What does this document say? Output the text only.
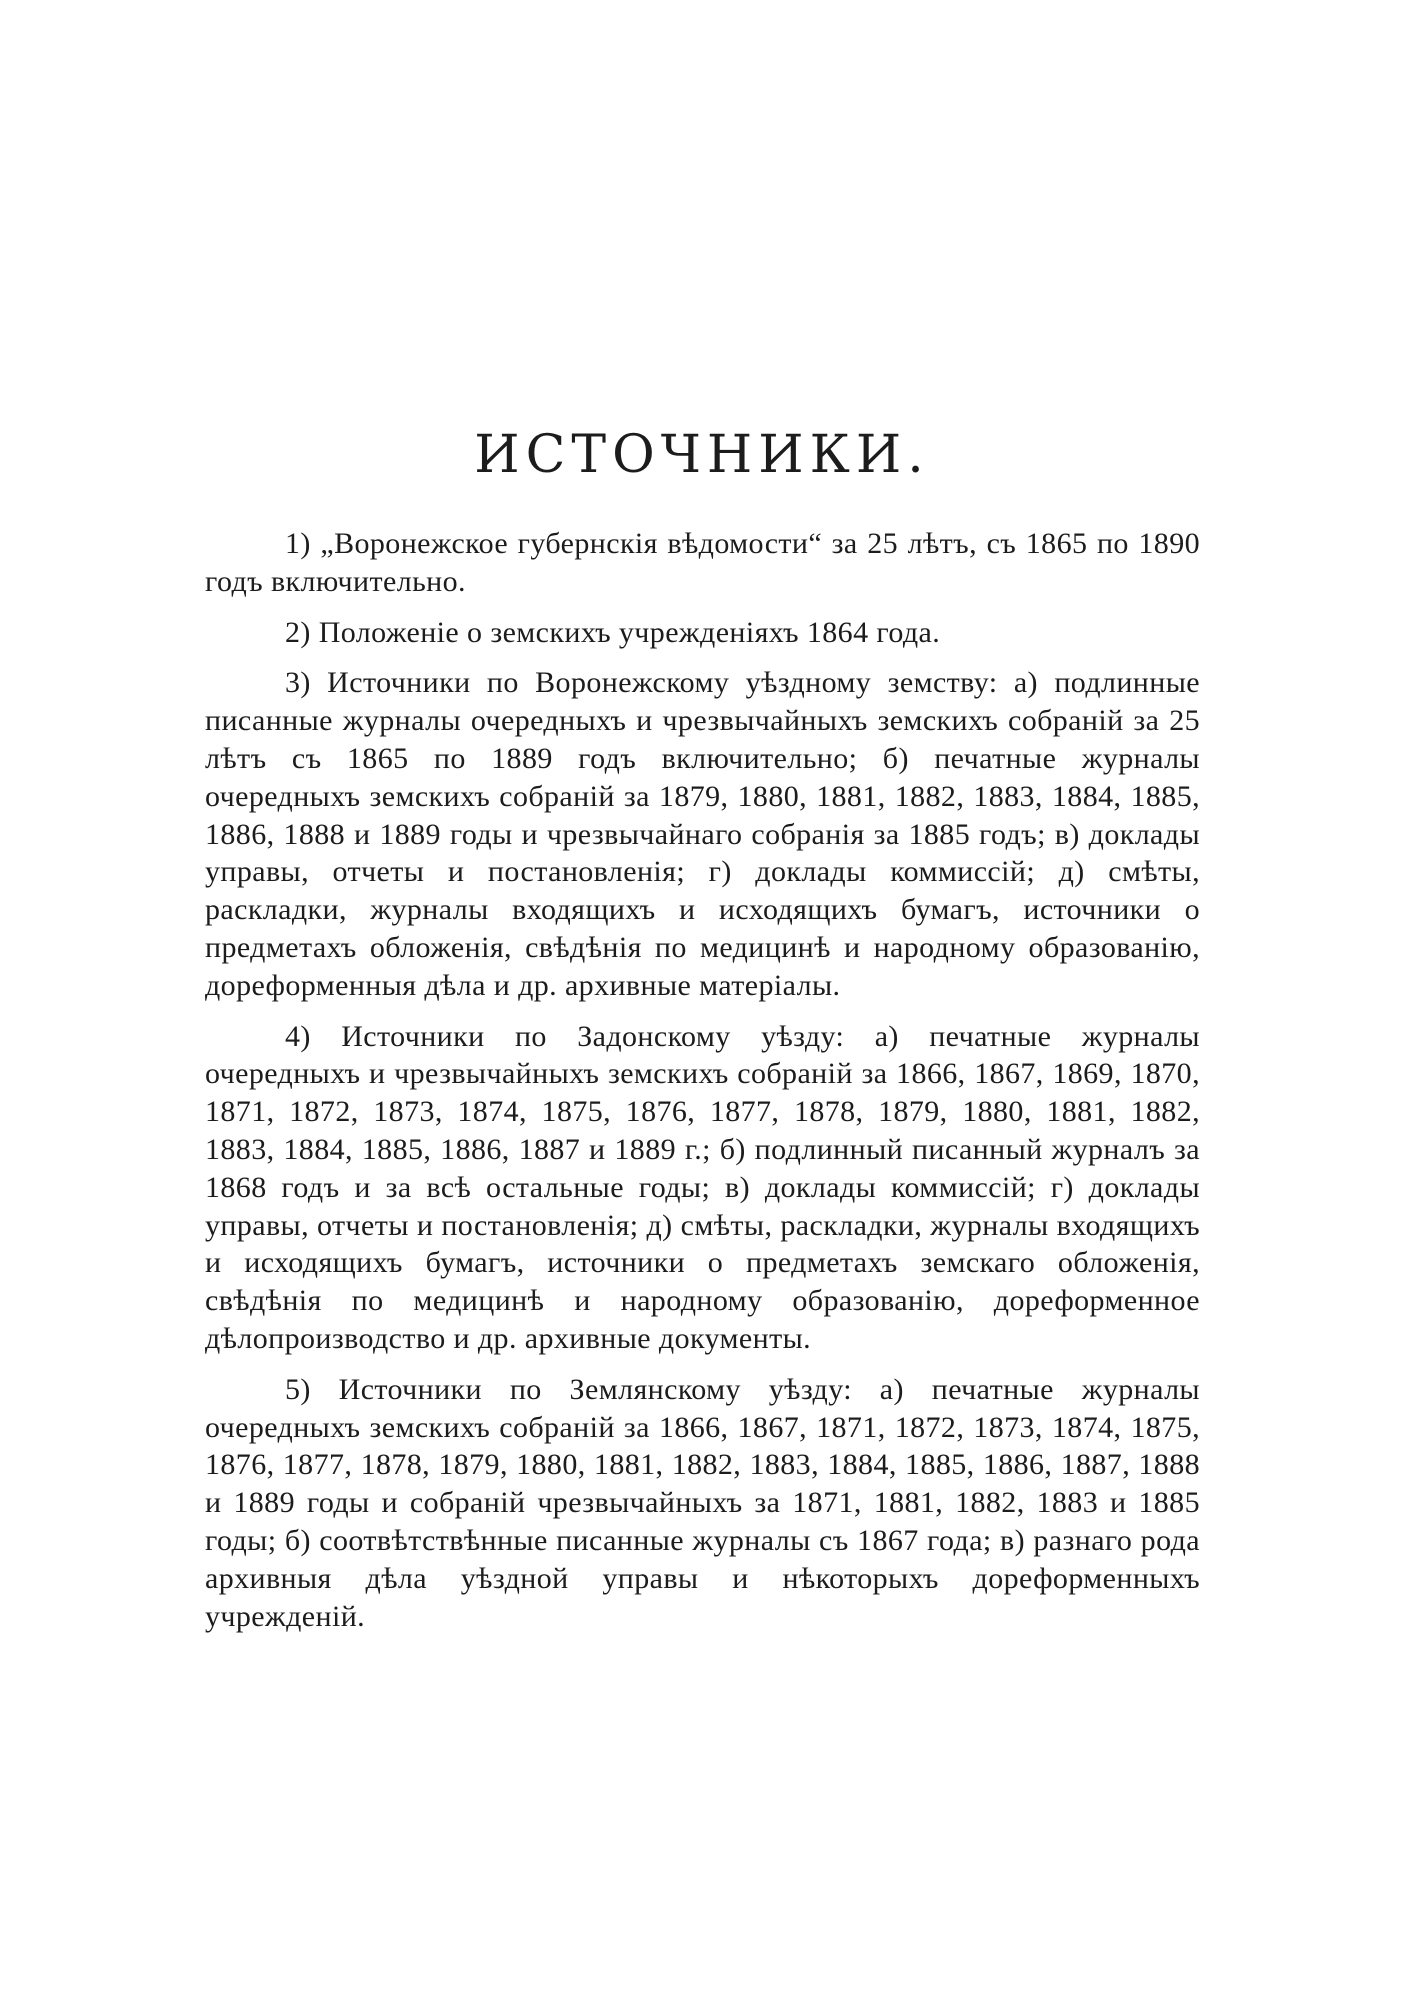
ИСТОЧНИКИ.

1) „Воронежское губернскія вѣдомости“ за 25 лѣтъ, съ 1865 по 1890 годъ включительно.

2) Положеніе о земскихъ учрежденіяхъ 1864 года.

3) Источники по Воронежскому уѣздному земству: а) подлинные писанные журналы очередныхъ и чрезвычайныхъ земскихъ собраній за 25 лѣтъ съ 1865 по 1889 годъ включительно; б) печатные журналы очередныхъ земскихъ собраній за 1879, 1880, 1881, 1882, 1883, 1884, 1885, 1886, 1888 и 1889 годы и чрезвычайнаго собранія за 1885 годъ; в) доклады управы, отчеты и постановленія; г) доклады коммиссій; д) смѣты, раскладки, журналы входящихъ и исходящихъ бумагъ, источники о предметахъ обложенія, свѣдѣнія по медицинѣ и народному образованію, дореформенныя дѣла и др. архивные матеріалы.

4) Источники по Задонскому уѣзду: а) печатные журналы очередныхъ и чрезвычайныхъ земскихъ собраній за 1866, 1867, 1869, 1870, 1871, 1872, 1873, 1874, 1875, 1876, 1877, 1878, 1879, 1880, 1881, 1882, 1883, 1884, 1885, 1886, 1887 и 1889 г.; б) подлинный писанный журналъ за 1868 годъ и за всѣ остальные годы; в) доклады коммиссій; г) доклады управы, отчеты и постановленія; д) смѣты, раскладки, журналы входящихъ и исходящихъ бумагъ, источники о предметахъ земскаго обложенія, свѣдѣнія по медицинѣ и народному образованію, дореформенное дѣлопроизводство и др. архивные документы.

5) Источники по Землянскому уѣзду: а) печатные журналы очередныхъ земскихъ собраній за 1866, 1867, 1871, 1872, 1873, 1874, 1875, 1876, 1877, 1878, 1879, 1880, 1881, 1882, 1883, 1884, 1885, 1886, 1887, 1888 и 1889 годы и собраній чрезвычайныхъ за 1871, 1881, 1882, 1883 и 1885 годы; б) соотвѣтствѣнные писанные журналы съ 1867 года; в) разнаго рода архивныя дѣла уѣздной управы и нѣкоторыхъ дореформенныхъ учрежденій.
